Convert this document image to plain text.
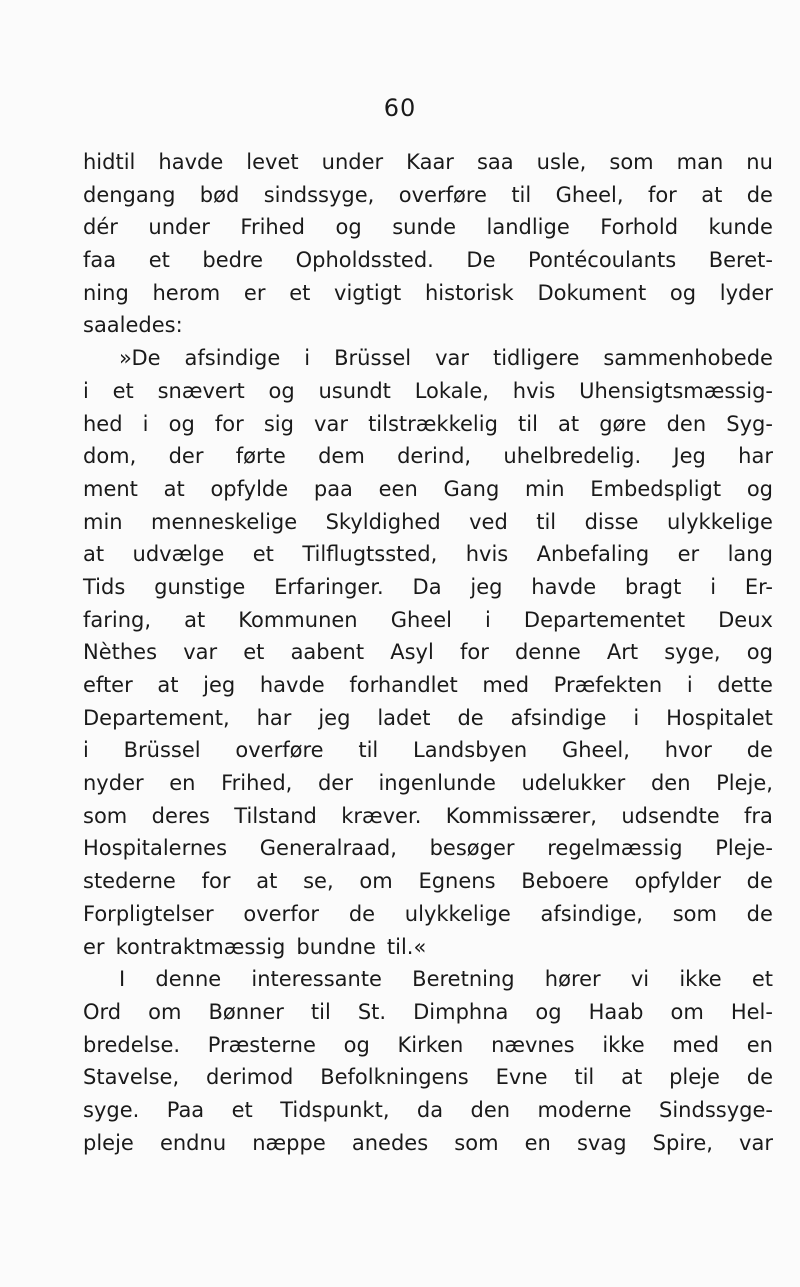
60
hidtil havde levet under Kaar saa usle, som man nu
dengang bød sindssyge, overføre til Gheel, for at de
dér under Frihed og sunde landlige Forhold kunde
faa et bedre Opholdssted. De Pontécoulants Beret-
ning herom er et vigtigt historisk Dokument og lyder
saaledes:
»De afsindige i Brüssel var tidligere sammenhobede
i et snævert og usundt Lokale, hvis Uhensigtsmæssig-
hed i og for sig var tilstrækkelig til at gøre den Syg-
dom, der førte dem derind, uhelbredelig. Jeg har
ment at opfylde paa een Gang min Embedspligt og
min menneskelige Skyldighed ved til disse ulykkelige
at udvælge et Tilflugtssted, hvis Anbefaling er lang
Tids gunstige Erfaringer. Da jeg havde bragt i Er-
faring, at Kommunen Gheel i Departementet Deux
Nèthes var et aabent Asyl for denne Art syge, og
efter at jeg havde forhandlet med Præfekten i dette
Departement, har jeg ladet de afsindige i Hospitalet
i Brüssel overføre til Landsbyen Gheel, hvor de
nyder en Frihed, der ingenlunde udelukker den Pleje,
som deres Tilstand kræver. Kommissærer, udsendte fra
Hospitalernes Generalraad, besøger regelmæssig Pleje-
stederne for at se, om Egnens Beboere opfylder de
Forpligtelser overfor de ulykkelige afsindige, som de
er kontraktmæssig bundne til.«
I denne interessante Beretning hører vi ikke et
Ord om Bønner til St. Dimphna og Haab om Hel-
bredelse. Præsterne og Kirken nævnes ikke med en
Stavelse, derimod Befolkningens Evne til at pleje de
syge. Paa et Tidspunkt, da den moderne Sindssyge-
pleje endnu næppe anedes som en svag Spire, var
